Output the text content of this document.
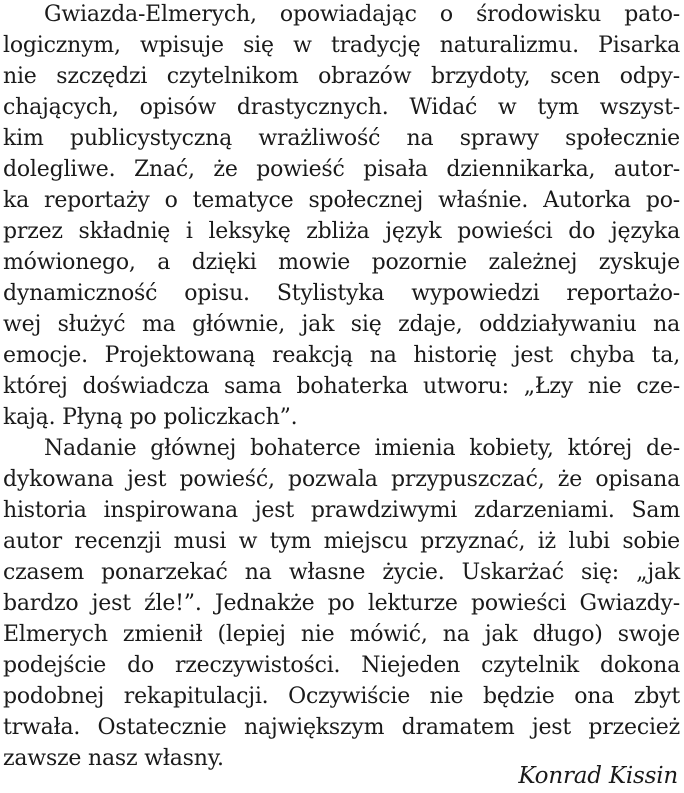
Gwiazda-Elmerych, opowiadając o środowisku pato-
logicznym, wpisuje się w tradycję naturalizmu. Pisarka
nie szczędzi czytelnikom obrazów brzydoty, scen odpy-
chających, opisów drastycznych. Widać w tym wszyst-
kim publicystyczną wrażliwość na sprawy społecznie
dolegliwe. Znać, że powieść pisała dziennikarka, autor-
ka reportaży o tematyce społecznej właśnie. Autorka po-
przez składnię i leksykę zbliża język powieści do języka
mówionego, a dzięki mowie pozornie zależnej zyskuje
dynamiczność opisu. Stylistyka wypowiedzi reportażo-
wej służyć ma głównie, jak się zdaje, oddziaływaniu na
emocje. Projektowaną reakcją na historię jest chyba ta,
której doświadcza sama bohaterka utworu: „Łzy nie cze-
kają. Płyną po policzkach”.
Nadanie głównej bohaterce imienia kobiety, której de-
dykowana jest powieść, pozwala przypuszczać, że opisana
historia inspirowana jest prawdziwymi zdarzeniami. Sam
autor recenzji musi w tym miejscu przyznać, iż lubi sobie
czasem ponarzekać na własne życie. Uskarżać się: „jak
bardzo jest źle!”. Jednakże po lekturze powieści Gwiazdy-
Elmerych zmienił (lepiej nie mówić, na jak długo) swoje
podejście do rzeczywistości. Niejeden czytelnik dokona
podobnej rekapitulacji. Oczywiście nie będzie ona zbyt
trwała. Ostatecznie największym dramatem jest przecież
zawsze nasz własny.
Konrad Kissin
